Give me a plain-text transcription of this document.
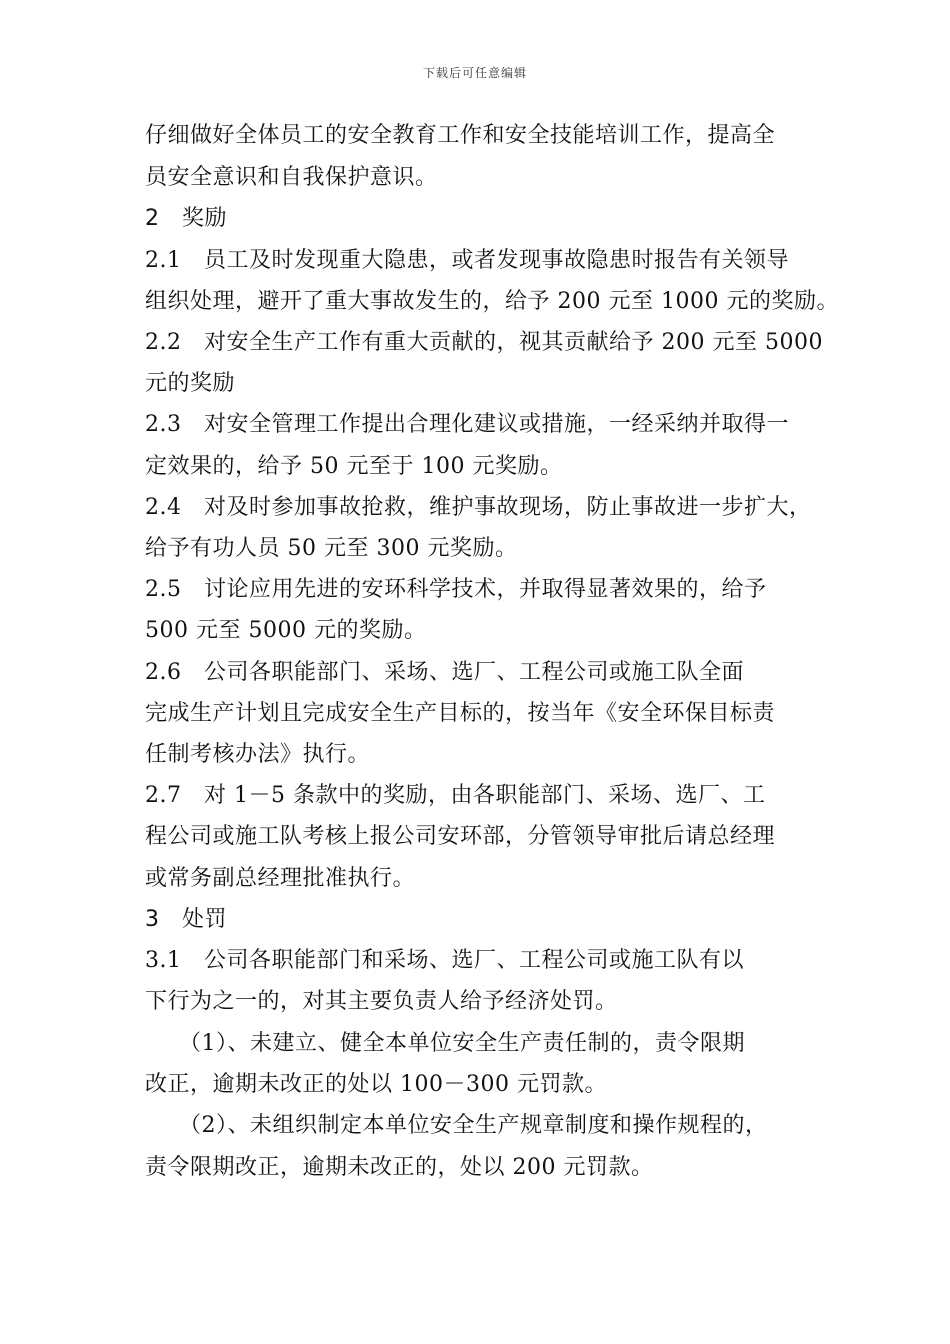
下载后可任意编辑
仔细做好全体员工的安全教育工作和安全技能培训工作，提高全
员安全意识和自我保护意识。
2　奖励
2.1　员工及时发现重大隐患，或者发现事故隐患时报告有关领导
组织处理，避开了重大事故发生的，给予 200 元至 1000 元的奖励。
2.2　对安全生产工作有重大贡献的，视其贡献给予 200 元至 5000
元的奖励
2.3　对安全管理工作提出合理化建议或措施，一经采纳并取得一
定效果的，给予 50 元至于 100 元奖励。
2.4　对及时参加事故抢救，维护事故现场，防止事故进一步扩大，
给予有功人员 50 元至 300 元奖励。
2.5　讨论应用先进的安环科学技术，并取得显著效果的，给予
500 元至 5000 元的奖励。
2.6　公司各职能部门、采场、选厂、工程公司或施工队全面
完成生产计划且完成安全生产目标的，按当年《安全环保目标责
任制考核办法》执行。
2.7　对 1－5 条款中的奖励，由各职能部门、采场、选厂、工
程公司或施工队考核上报公司安环部，分管领导审批后请总经理
或常务副总经理批准执行。
3　处罚
3.1　公司各职能部门和采场、选厂、工程公司或施工队有以
下行为之一的，对其主要负责人给予经济处罚。
　　（1）、未建立、健全本单位安全生产责任制的，责令限期
改正，逾期未改正的处以 100－300 元罚款。
　　（2）、未组织制定本单位安全生产规章制度和操作规程的，
责令限期改正，逾期未改正的，处以 200 元罚款。
